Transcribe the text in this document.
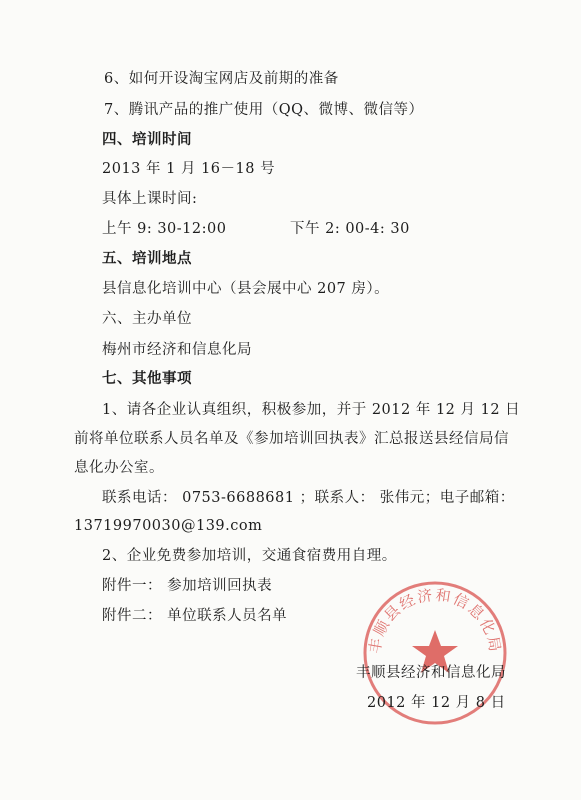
6、如何开设淘宝网店及前期的准备
7、腾讯产品的推广使用（QQ、微博、微信等）
四、培训时间
2013 年 1 月 16－18 号
具体上课时间:
上午 9: 30-12:00	下午 2: 00-4: 30
五、培训地点
县信息化培训中心（县会展中心 207 房）。
六、主办单位
梅州市经济和信息化局
七、其他事项
1、请各企业认真组织，积极参加，并于 2012 年 12 月 12 日
前将单位联系人员名单及《参加培训回执表》汇总报送县经信局信
息化办公室。
联系电话： 0753-6688681 ；联系人： 张伟元；电子邮箱：
13719970030@139.com
2、企业免费参加培训，交通食宿费用自理。
附件一： 参加培训回执表
附件二： 单位联系人员名单
丰顺县经济和信息化局
丰顺县经济和信息化局
2012 年 12 月 8 日
